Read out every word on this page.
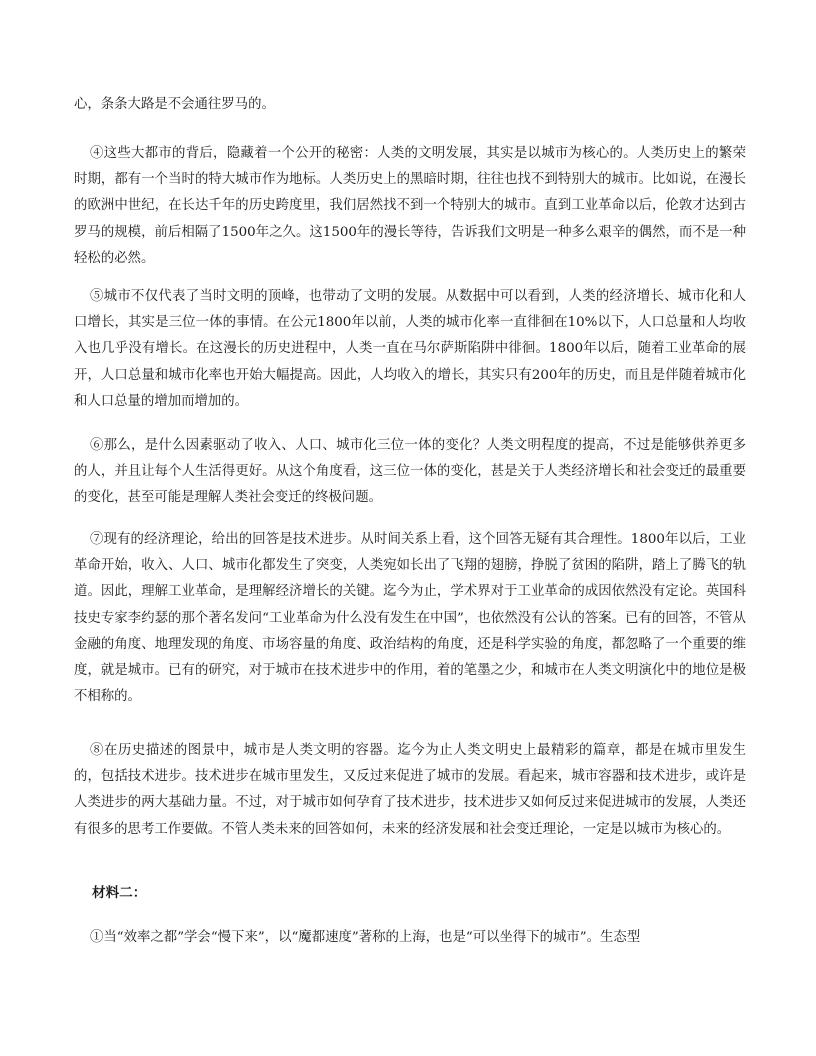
心，条条大路是不会通往罗马的。

④这些大都市的背后，隐藏着一个公开的秘密：人类的文明发展，其实是以城市为核心的。人类历史上的繁荣时期，都有一个当时的特大城市作为地标。人类历史上的黑暗时期，往往也找不到特别大的城市。比如说，在漫长的欧洲中世纪，在长达千年的历史跨度里，我们居然找不到一个特别大的城市。直到工业革命以后，伦敦才达到古罗马的规模，前后相隔了1500年之久。这1500年的漫长等待，告诉我们文明是一种多么艰辛的偶然，而不是一种轻松的必然。

⑤城市不仅代表了当时文明的顶峰，也带动了文明的发展。从数据中可以看到，人类的经济增长、城市化和人口增长，其实是三位一体的事情。在公元1800年以前，人类的城市化率一直徘徊在10%以下，人口总量和人均收入也几乎没有增长。在这漫长的历史进程中，人类一直在马尔萨斯陷阱中徘徊。1800年以后，随着工业革命的展开，人口总量和城市化率也开始大幅提高。因此，人均收入的增长，其实只有200年的历史，而且是伴随着城市化和人口总量的增加而增加的。

⑥那么，是什么因素驱动了收入、人口、城市化三位一体的变化？人类文明程度的提高，不过是能够供养更多的人，并且让每个人生活得更好。从这个角度看，这三位一体的变化，甚是关于人类经济增长和社会变迁的最重要的变化，甚至可能是理解人类社会变迁的终极问题。

⑦现有的经济理论，给出的回答是技术进步。从时间关系上看，这个回答无疑有其合理性。1800年以后，工业革命开始，收入、人口、城市化都发生了突变，人类宛如长出了飞翔的翅膀，挣脱了贫困的陷阱，踏上了腾飞的轨道。因此，理解工业革命，是理解经济增长的关键。迄今为止，学术界对于工业革命的成因依然没有定论。英国科技史专家李约瑟的那个著名发问“工业革命为什么没有发生在中国”，也依然没有公认的答案。已有的回答，不管从金融的角度、地理发现的角度、市场容量的角度、政治结构的角度，还是科学实验的角度，都忽略了一个重要的维度，就是城市。已有的研究，对于城市在技术进步中的作用，着的笔墨之少，和城市在人类文明演化中的地位是极不相称的。

⑧在历史描述的图景中，城市是人类文明的容器。迄今为止人类文明史上最精彩的篇章，都是在城市里发生的，包括技术进步。技术进步在城市里发生，又反过来促进了城市的发展。看起来，城市容器和技术进步，或许是人类进步的两大基础力量。不过，对于城市如何孕育了技术进步，技术进步又如何反过来促进城市的发展，人类还有很多的思考工作要做。不管人类未来的回答如何，未来的经济发展和社会变迁理论，一定是以城市为核心的。

材料二：

①当“效率之都”学会“慢下来”，以“魔都速度”著称的上海，也是“可以坐得下的城市”。生态型
